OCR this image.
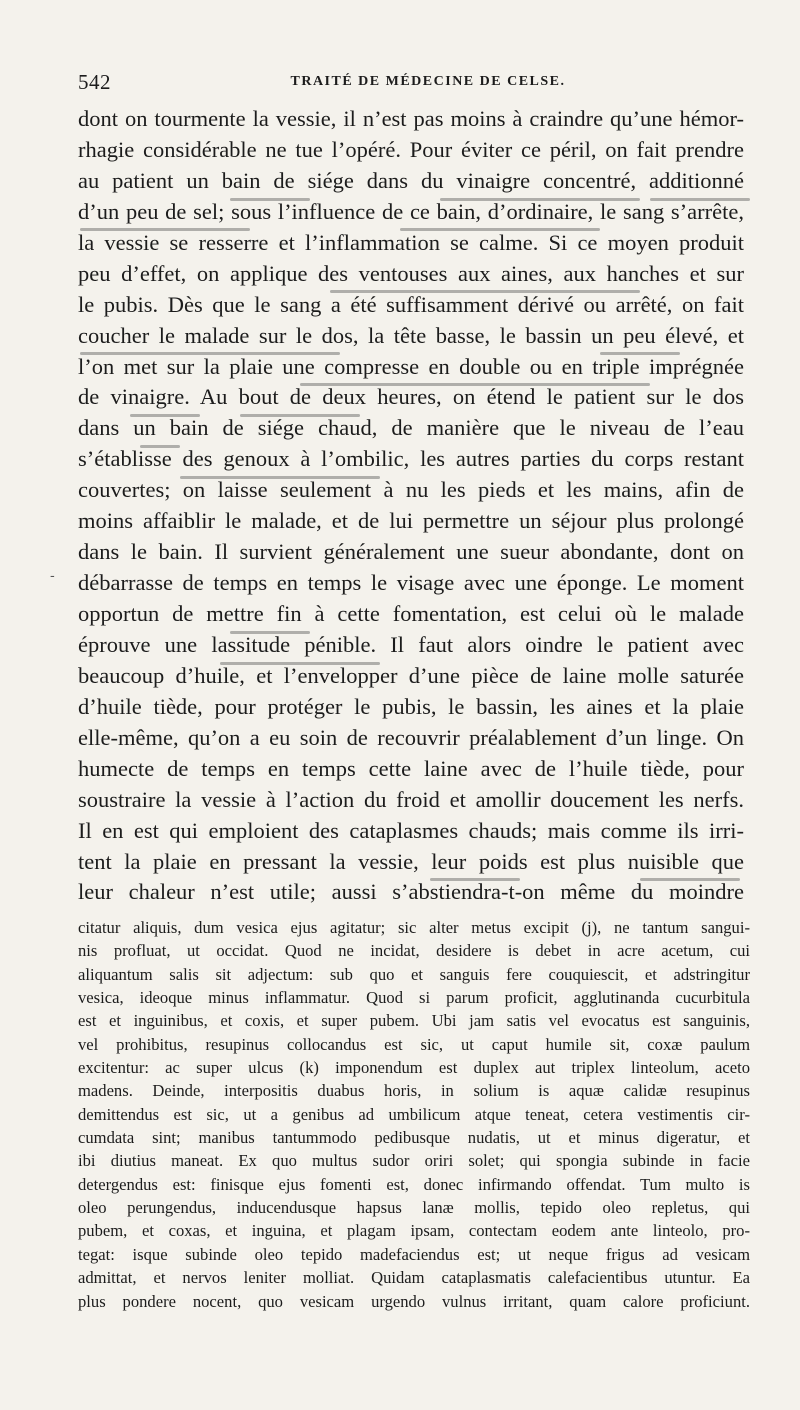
542	TRAITÉ DE MÉDECINE DE CELSE.
-
dont on tourmente la vessie, il n’est pas moins à craindre qu’une hémor-
rhagie considérable ne tue l’opéré. Pour éviter ce péril, on fait prendre
au patient un bain de siége dans du vinaigre concentré, additionné
d’un peu de sel; sous l’influence de ce bain, d’ordinaire, le sang s’arrête,
la vessie se resserre et l’inflammation se calme. Si ce moyen produit
peu d’effet, on applique des ventouses aux aines, aux hanches et sur
le pubis. Dès que le sang a été suffisamment dérivé ou arrêté, on fait
coucher le malade sur le dos, la tête basse, le bassin un peu élevé, et
l’on met sur la plaie une compresse en double ou en triple imprégnée
de vinaigre. Au bout de deux heures, on étend le patient sur le dos
dans un bain de siége chaud, de manière que le niveau de l’eau
s’établisse des genoux à l’ombilic, les autres parties du corps restant
couvertes; on laisse seulement à nu les pieds et les mains, afin de
moins affaiblir le malade, et de lui permettre un séjour plus prolongé
dans le bain. Il survient généralement une sueur abondante, dont on
débarrasse de temps en temps le visage avec une éponge. Le moment
opportun de mettre fin à cette fomentation, est celui où le malade
éprouve une lassitude pénible. Il faut alors oindre le patient avec
beaucoup d’huile, et l’envelopper d’une pièce de laine molle saturée
d’huile tiède, pour protéger le pubis, le bassin, les aines et la plaie
elle-même, qu’on a eu soin de recouvrir préalablement d’un linge. On
humecte de temps en temps cette laine avec de l’huile tiède, pour
soustraire la vessie à l’action du froid et amollir doucement les nerfs.
Il en est qui emploient des cataplasmes chauds; mais comme ils irri-
tent la plaie en pressant la vessie, leur poids est plus nuisible que
leur chaleur n’est utile; aussi s’abstiendra-t-on même du moindre
citatur aliquis, dum vesica ejus agitatur; sic alter metus excipit (j), ne tantum sangui-
nis profluat, ut occidat. Quod ne incidat, desidere is debet in acre acetum, cui
aliquantum salis sit adjectum: sub quo et sanguis fere couquiescit, et adstringitur
vesica, ideoque minus inflammatur. Quod si parum proficit, agglutinanda cucurbitula
est et inguinibus, et coxis, et super pubem. Ubi jam satis vel evocatus est sanguinis,
vel prohibitus, resupinus collocandus est sic, ut caput humile sit, coxæ paulum
excitentur: ac super ulcus (k) imponendum est duplex aut triplex linteolum, aceto
madens. Deinde, interpositis duabus horis, in solium is aquæ calidæ resupinus
demittendus est sic, ut a genibus ad umbilicum atque teneat, cetera vestimentis cir-
cumdata sint; manibus tantummodo pedibusque nudatis, ut et minus digeratur, et
ibi diutius maneat. Ex quo multus sudor oriri solet; qui spongia subinde in facie
detergendus est: finisque ejus fomenti est, donec infirmando offendat. Tum multo is
oleo perungendus, inducendusque hapsus lanæ mollis, tepido oleo repletus, qui
pubem, et coxas, et inguina, et plagam ipsam, contectam eodem ante linteolo, pro-
tegat: isque subinde oleo tepido madefaciendus est; ut neque frigus ad vesicam
admittat, et nervos leniter molliat. Quidam cataplasmatis calefacientibus utuntur. Ea
plus pondere nocent, quo vesicam urgendo vulnus irritant, quam calore proficiunt.
